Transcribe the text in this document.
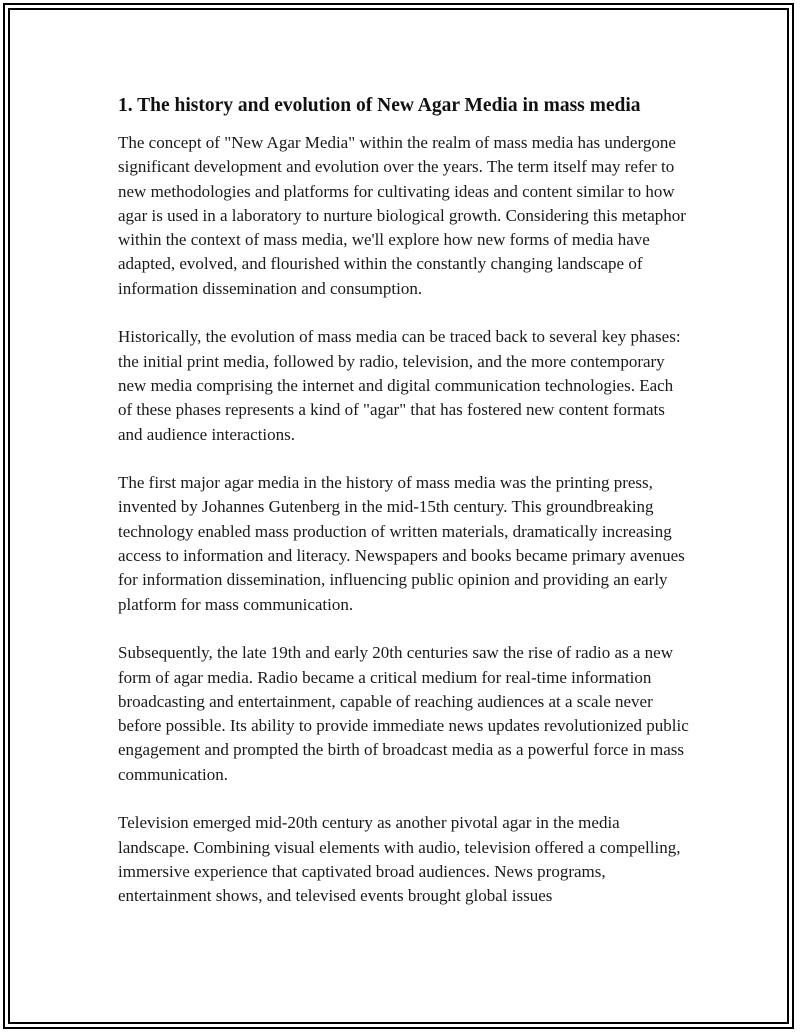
1. The history and evolution of New Agar Media in mass media

The concept of "New Agar Media" within the realm of mass media has undergone significant development and evolution over the years. The term itself may refer to new methodologies and platforms for cultivating ideas and content similar to how agar is used in a laboratory to nurture biological growth. Considering this metaphor within the context of mass media, we'll explore how new forms of media have adapted, evolved, and flourished within the constantly changing landscape of information dissemination and consumption.

Historically, the evolution of mass media can be traced back to several key phases: the initial print media, followed by radio, television, and the more contemporary new media comprising the internet and digital communication technologies. Each of these phases represents a kind of "agar" that has fostered new content formats and audience interactions.

The first major agar media in the history of mass media was the printing press, invented by Johannes Gutenberg in the mid-15th century. This groundbreaking technology enabled mass production of written materials, dramatically increasing access to information and literacy. Newspapers and books became primary avenues for information dissemination, influencing public opinion and providing an early platform for mass communication.

Subsequently, the late 19th and early 20th centuries saw the rise of radio as a new form of agar media. Radio became a critical medium for real-time information broadcasting and entertainment, capable of reaching audiences at a scale never before possible. Its ability to provide immediate news updates revolutionized public engagement and prompted the birth of broadcast media as a powerful force in mass communication.

Television emerged mid-20th century as another pivotal agar in the media landscape. Combining visual elements with audio, television offered a compelling, immersive experience that captivated broad audiences. News programs, entertainment shows, and televised events brought global issues
